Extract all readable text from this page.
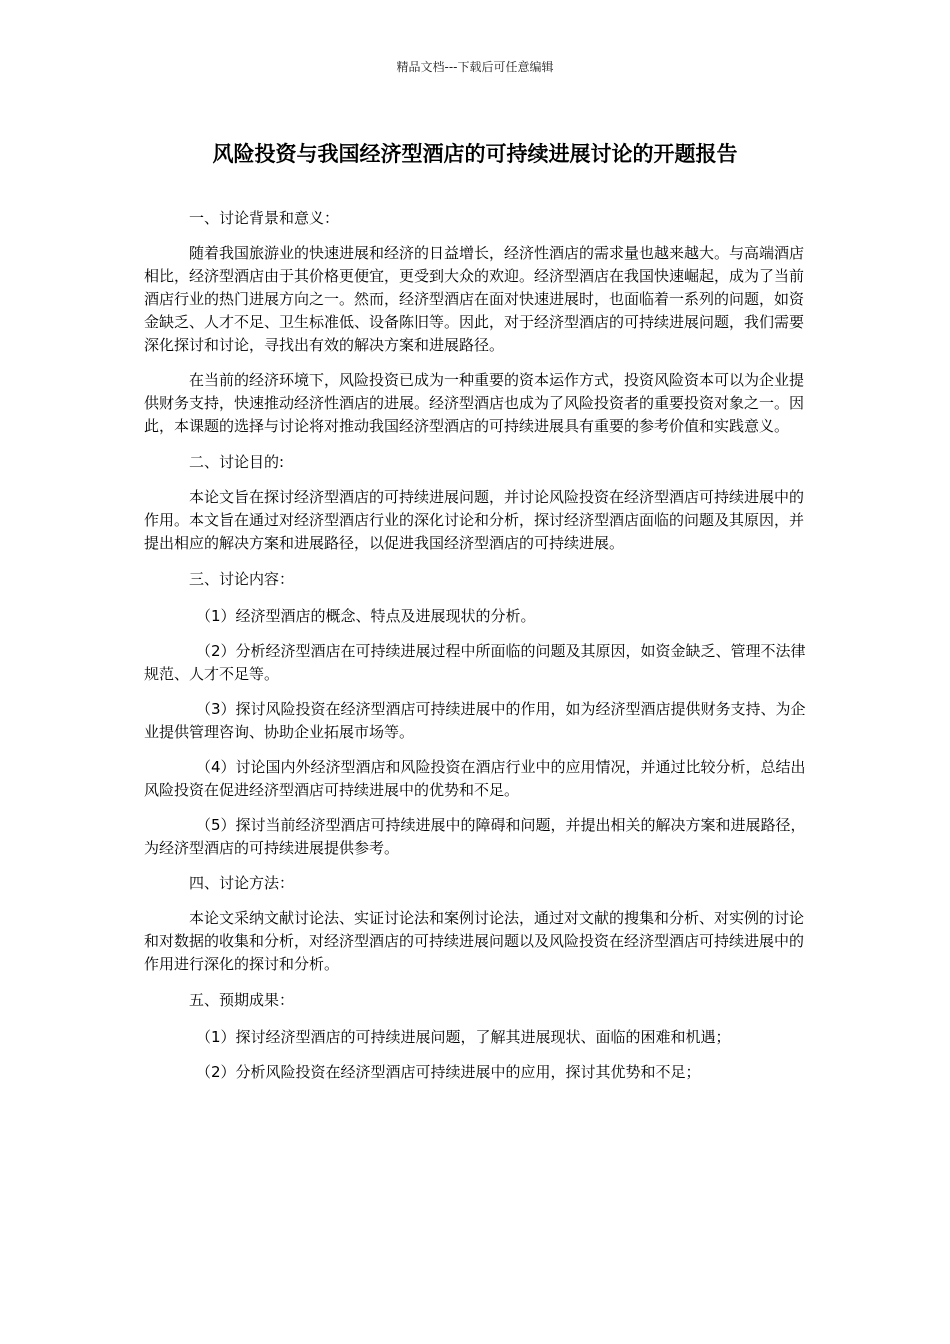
精品文档---下载后可任意编辑
风险投资与我国经济型酒店的可持续进展讨论的开题报告

一、讨论背景和意义：

随着我国旅游业的快速进展和经济的日益增长，经济性酒店的需求量也越来越大。与高端酒店相比，经济型酒店由于其价格更便宜，更受到大众的欢迎。经济型酒店在我国快速崛起，成为了当前酒店行业的热门进展方向之一。然而，经济型酒店在面对快速进展时，也面临着一系列的问题，如资金缺乏、人才不足、卫生标准低、设备陈旧等。因此，对于经济型酒店的可持续进展问题，我们需要深化探讨和讨论，寻找出有效的解决方案和进展路径。

在当前的经济环境下，风险投资已成为一种重要的资本运作方式，投资风险资本可以为企业提供财务支持，快速推动经济性酒店的进展。经济型酒店也成为了风险投资者的重要投资对象之一。因此，本课题的选择与讨论将对推动我国经济型酒店的可持续进展具有重要的参考价值和实践意义。

二、讨论目的:

本论文旨在探讨经济型酒店的可持续进展问题，并讨论风险投资在经济型酒店可持续进展中的作用。本文旨在通过对经济型酒店行业的深化讨论和分析，探讨经济型酒店面临的问题及其原因，并提出相应的解决方案和进展路径，以促进我国经济型酒店的可持续进展。

三、讨论内容：

（1）经济型酒店的概念、特点及进展现状的分析。

（2）分析经济型酒店在可持续进展过程中所面临的问题及其原因，如资金缺乏、管理不法律规范、人才不足等。

（3）探讨风险投资在经济型酒店可持续进展中的作用，如为经济型酒店提供财务支持、为企业提供管理咨询、协助企业拓展市场等。

（4）讨论国内外经济型酒店和风险投资在酒店行业中的应用情况，并通过比较分析，总结出风险投资在促进经济型酒店可持续进展中的优势和不足。

（5）探讨当前经济型酒店可持续进展中的障碍和问题，并提出相关的解决方案和进展路径，为经济型酒店的可持续进展提供参考。

四、讨论方法：

本论文采纳文献讨论法、实证讨论法和案例讨论法，通过对文献的搜集和分析、对实例的讨论和对数据的收集和分析，对经济型酒店的可持续进展问题以及风险投资在经济型酒店可持续进展中的作用进行深化的探讨和分析。

五、预期成果：

（1）探讨经济型酒店的可持续进展问题，了解其进展现状、面临的困难和机遇；

（2）分析风险投资在经济型酒店可持续进展中的应用，探讨其优势和不足；
